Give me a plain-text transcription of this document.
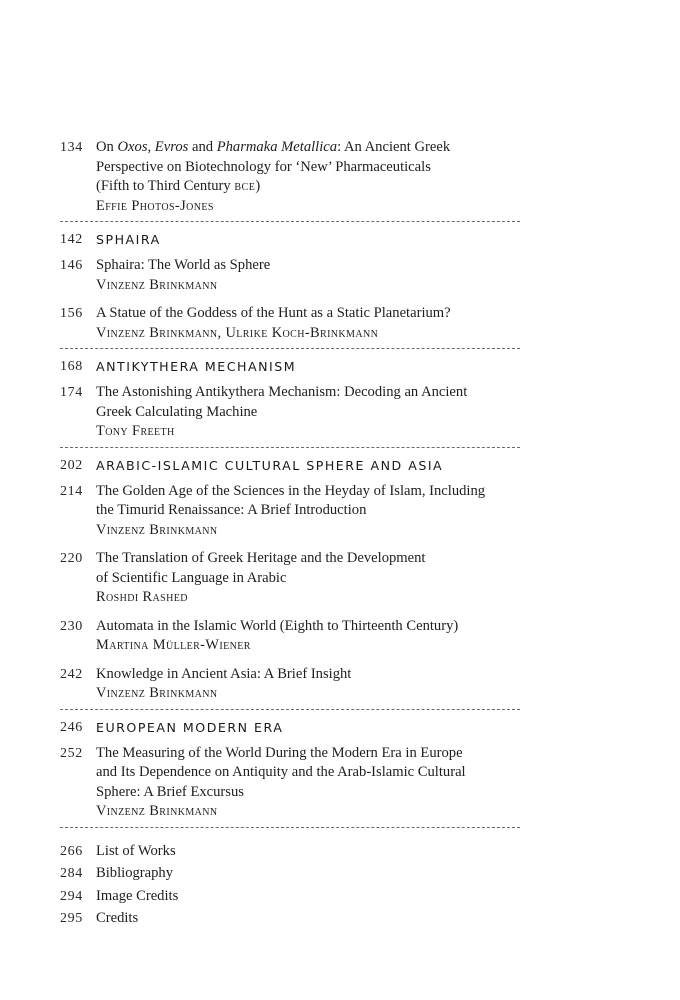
134 On Oxos, Evros and Pharmaka Metallica: An Ancient Greek
Perspective on Biotechnology for ‘New’ Pharmaceuticals
(Fifth to Third Century bce)
Effie Photos-Jones
142	SPHAIRA
146 Sphaira: The World as Sphere
Vinzenz Brinkmann
156 A Statue of the Goddess of the Hunt as a Static Planetarium?
Vinzenz Brinkmann, Ulrike Koch-Brinkmann
168	ANTIKYTHERA MECHANISM
174 The Astonishing Antikythera Mechanism: Decoding an Ancient
Greek Calculating Machine
Tony Freeth
202	ARABIC-ISLAMIC CULTURAL SPHERE AND ASIA
214 The Golden Age of the Sciences in the Heyday of Islam, Including
the Timurid Renaissance: A Brief Introduction
Vinzenz Brinkmann
220 The Translation of Greek Heritage and the Development
of Scientific Language in Arabic
Roshdi Rashed
230 Automata in the Islamic World (Eighth to Thirteenth Century)
Martina Müller-Wiener
242 Knowledge in Ancient Asia: A Brief Insight
Vinzenz Brinkmann
246	EUROPEAN MODERN ERA
252 The Measuring of the World During the Modern Era in Europe
and Its Dependence on Antiquity and the Arab-Islamic Cultural
Sphere: A Brief Excursus
Vinzenz Brinkmann
266 List of Works
284 Bibliography
294 Image Credits
295 Credits
